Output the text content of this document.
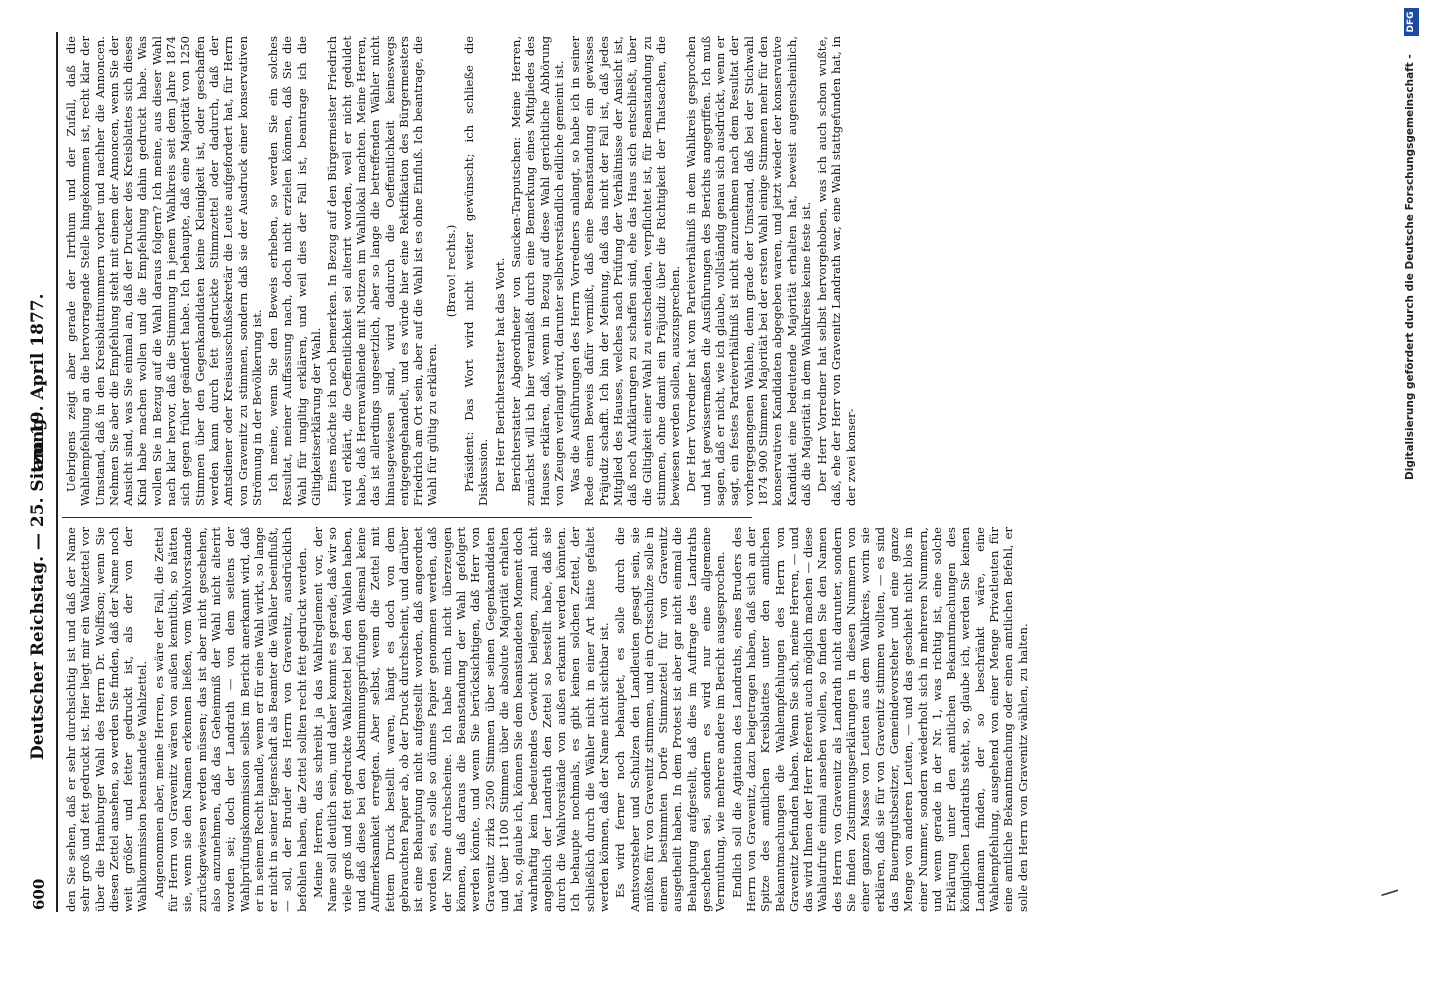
600
Deutscher Reichstag. — 25. Sitzung
am 19. April 1877.

den Sie sehen, daß er sehr durchsichtig ist und daß der Name sehr groß und fett gedruckt ist. Hier liegt mir ein Wahlzettel vor über die Hamburger Wahl des Herrn Dr. Wolffson; wenn Sie diesen Zettel ansehen, so werden Sie finden, daß der Name noch weit größer und fetter gedruckt ist, als der von der Wahlkommission beanstandete Wahlzettel. Angenommen aber, meine Herren, es wäre der Fall, die Zettel für Herrn von Gravenitz wären von außen kenntlich, so hätten sie, wenn sie den Namen erkennen ließen, vom Wahlvorstande zurückgewiesen werden müssen; das ist aber nicht geschehen, also anzunehmen, daß das Geheimniß der Wahl nicht alterirt worden sei; doch der Landrath — von dem seitens der Wahlprüfungskommission selbst im Bericht anerkannt wird, daß er in seinem Recht handle, wenn er für eine Wahl wirkt, so lange er nicht in seiner Eigenschaft als Beamter die Wähler beeinflußt, — soll, der Bruder des Herrn von Gravenitz, ausdrücklich befohlen haben, die Zettel sollten recht fett gedruckt werden. Meine Herren, das schreibt ja das Wahlreglement vor, der Name soll deutlich sein, und daher kommt es gerade, daß wir so viele groß und fett gedruckte Wahlzettel bei den Wahlen haben, und daß diese bei den Abstimmungsprüfungen diesmal keine Aufmerksamkeit erregten. Aber selbst, wenn die Zettel mit fettem Druck bestellt waren, hängt es doch von dem gebrauchten Papier ab, ob der Druck durchscheint, und darüber ist eine Behauptung nicht aufgestellt worden, daß angeordnet worden sei, es solle so dünnes Papier genommen werden, daß der Name durchscheine. Ich habe mich nicht überzeugen können, daß daraus die Beanstandung der Wahl gefolgert werden könnte, und wenn Sie berücksichtigen, daß Herr von Gravenitz zirka 2500 Stimmen über seinen Gegenkandidaten und über 1100 Stimmen über die absolute Majorität erhalten hat, so, glaube ich, können Sie dem beanstandeten Moment doch wahrhaftig kein bedeutendes Gewicht beilegen, zumal nicht angeblich der Landrath den Zettel so bestellt habe, daß sie durch die Wahlvorstände von außen erkannt werden könnten. Ich behaupte nochmals, es gibt keinen solchen Zettel, der schließlich durch die Wähler nicht in einer Art hätte gefaltet werden können, daß der Name nicht sichtbar ist. Es wird ferner noch behauptet, es solle durch die Amtsvorsteher und Schulzen den Landleuten gesagt sein, sie müßten für von Gravenitz stimmen, und ein Ortsschulze solle in einem bestimmten Dorfe Stimmzettel für von Gravenitz ausgetheilt haben. In dem Protest ist aber gar nicht einmal die Behauptung aufgestellt, daß dies im Auftrage des Landraths geschehen sei, sondern es wird nur eine allgemeine Vermuthung, wie mehrere andere im Bericht ausgesprochen. Endlich soll die Agitation des Landraths, eines Bruders des Herrn von Gravenitz, dazu beigetragen haben, daß sich an der Spitze des amtlichen Kreisblattes unter den amtlichen Bekanntmachungen die Wahlempfehlungen des Herrn von Gravenitz befunden haben. Wenn Sie sich, meine Herren, — und das wird Ihnen der Herr Referent auch möglich machen — diese Wahlaufrufe einmal ansehen wollen, so finden Sie den Namen des Herrn von Gravenitz als Landrath nicht darunter, sondern Sie finden Zustimmungserklärungen in diesen Nummern von einer ganzen Masse von Leuten aus dem Wahlkreis, worin sie erklären, daß sie für von Gravenitz stimmen wollten, — es sind das Bauerngutsbesitzer, Gemeindevorsteher und eine ganze Menge von anderen Leuten, — und das geschieht nicht blos in einer Nummer, sondern wiederholt sich in mehreren Nummern, und wenn gerade in der Nr. 1, was richtig ist, eine solche Erklärung unter den amtlichen Bekanntmachungen des königlichen Landraths steht, so, glaube ich, werden Sie keinen Landmann finden, der so beschränkt wäre, eine Wahlempfehlung, ausgehend von einer Menge Privatleuten für eine amtliche Bekanntmachung oder einen amtlichen Befehl, er solle den Herrn von Gravenitz wählen, zu halten.

Uebrigens zeigt aber gerade der Irrthum und der Zufall, daß die Wahlempfehlung an die hervorragende Stelle hingekommen ist, recht klar der Umstand, daß in den Kreisblattnummern vorher und nachher die Annoncen. Nehmen Sie aber die Empfehlung steht mit einem der Annoncen, wenn Sie der Ansicht sind, was Sie einmal an, daß der Drucker des Kreisblattes sich dieses Kind habe machen wollen und die Empfehlung dahin gedruckt habe. Was wollen Sie in Bezug auf die Wahl daraus folgern? Ich meine, aus dieser Wahl nach klar hervor, daß die Stimmung in jenem Wahlkreis seit dem Jahre 1874 sich gegen früher geändert habe. Ich behaupte, daß eine Majorität von 1250 Stimmen über den Gegenkandidaten keine Kleinigkeit ist, oder geschaffen werden kann durch fett gedruckte Stimmzettel oder dadurch, daß der Amtsdiener oder Kreisausschußsekretär die Leute aufgefordert hat, für Herrn von Gravenitz zu stimmen, sondern daß sie der Ausdruck einer konservativen Strömung in der Bevölkerung ist. Ich meine, wenn Sie den Beweis erheben, so werden Sie ein solches Resultat, meiner Auffassung nach, doch nicht erzielen können, daß Sie die Wahl für ungiltig erklären, und weil dies der Fall ist, beantrage ich die Giltigkeitserklärung der Wahl. Eines möchte ich noch bemerken. In Bezug auf den Bürgermeister Friedrich wird erklärt, die Oeffentlichkeit sei alterirt worden, weil er nicht geduldet habe, daß Herrenwählende mit Notizen im Wahllokal machten. Meine Herren, das ist allerdings ungesetzlich, aber so lange die betreffenden Wähler nicht hinausgewiesen sind, wird dadurch die Oeffentlichkeit keineswegs entgegengehandelt, und es würde hier eine Rektifikation des Bürgermeisters Friedrich am Ort sein, aber auf die Wahl ist es ohne Einfluß. Ich beantrage, die Wahl für gültig zu erklären.

(Bravo! rechts.) Präsident: Das Wort wird nicht weiter gewünscht; ich schließe die Diskussion. Der Herr Berichterstatter hat das Wort. Berichterstatter Abgeordneter von Saucken-Tarputschen: Meine Herren, zunächst will ich hier veranlaßt durch eine Bemerkung eines Mitgliedes des Hauses erklären, daß, wenn in Bezug auf diese Wahl gerichtliche Abhörung von Zeugen verlangt wird, darunter selbstverständlich eidliche gemeint ist. Was die Ausführungen des Herrn Vorredners anlangt, so habe ich in seiner Rede einen Beweis dafür vermißt, daß eine Beanstandung ein gewisses Präjudiz schafft. Ich bin der Meinung, daß das nicht der Fall ist, daß jedes Mitglied des Hauses, welches nach Prüfung der Verhältnisse der Ansicht ist, daß noch Aufklärungen zu schaffen sind, ehe das Haus sich entschließt, über die Giltigkeit einer Wahl zu entscheiden, verpflichtet ist, für Beanstandung zu stimmen, ohne damit ein Präjudiz über die Richtigkeit der Thatsachen, die bewiesen werden sollen, auszusprechen. Der Herr Vorredner hat vom Parteiverhältniß in dem Wahlkreis gesprochen und hat gewissermaßen die Ausführungen des Berichts angegriffen. Ich muß sagen, daß er nicht, wie ich glaube, vollständig genau sich ausdrückt, wenn er sagt, ein festes Parteiverhältniß ist nicht anzunehmen nach dem Resultat der vorhergegangenen Wahlen, denn grade der Umstand, daß bei der Stichwahl 1874 900 Stimmen Majorität bei der ersten Wahl einige Stimmen mehr für den konservativen Kandidaten abgegeben waren, und jetzt wieder der konservative Kandidat eine bedeutende Majorität erhalten hat, beweist augenscheinlich, daß die Majorität in dem Wahlkreise keine feste ist. Der Herr Vorredner hat selbst hervorgehoben, was ich auch schon wußte, daß, ehe der Herr von Gravenitz Landrath war, eine Wahl stattgefunden hat, in der zwei konser-

∖
Digitalisierung gefördert durch die Deutsche Forschungsgemeinschaft -
DFG
